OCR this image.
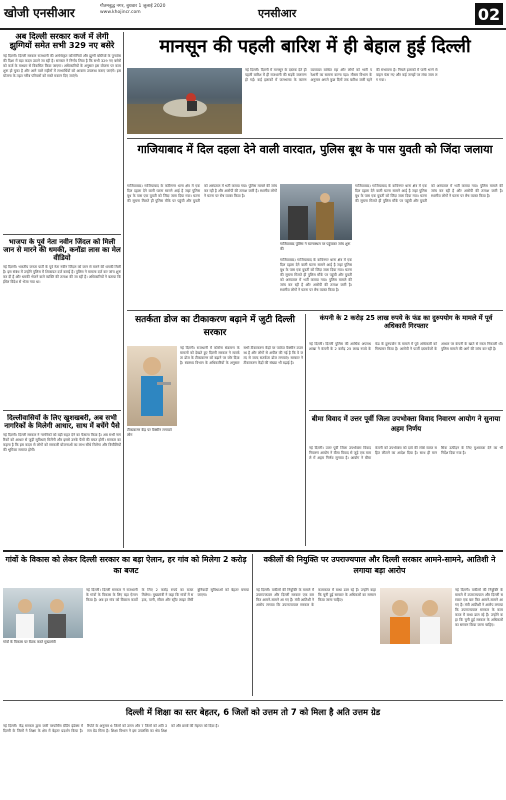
खोजी एनसीआर	गौतमबुद्ध नगर, बुधवार 1 जुलाई 2020
www.khojincr.com	एनसीआर	02
अब दिल्ली सरकार कर्ज में लेगी झुग्गियों समेत सभी 329 नए बसेरे
नई दिल्ली। दिल्ली सरकार राजधानी की अनधिकृत कॉलोनियों और झुग्गी बस्तियों के पुनर्वास की दिशा में बड़ा कदम उठाने जा रही है। सरकार ने निर्णय लिया है कि सभी 329 नए बसेरों को कर्ज के माध्यम से विकसित किया जाएगा। अधिकारियों के अनुसार इस योजना पर काम शुरू हो चुका है और आने वाले महीनों में लाभार्थियों को आवास उपलब्ध कराए जाएंगे। इस योजना के तहत गरीब परिवारों को सस्ते मकान दिए जाएंगे।
भाजपा के पूर्व नेता नवीन जिंदल को मिली जान से मारने की धमकी, कनॉडा लास का मेल वीडियो
नई दिल्ली। भारतीय जनता पार्टी के पूर्व नेता नवीन जिंदल को जान से मारने की धमकी मिली है। इस संबंध में उन्होंने पुलिस में शिकायत दर्ज कराई है। पुलिस ने मामला दर्ज कर जांच शुरू कर दी है और धमकी भेजने वाले व्यक्ति की तलाश की जा रही है। अधिकारियों ने बताया कि ईमेल विदेश से भेजा गया था।
दिल्लीवासियों के लिए खुशखबरी, अब सभी नागरिकों के मिलेगी आधार, साथ में बचेंगे पैसे
नई दिल्ली। दिल्ली सरकार ने नागरिकों को बड़ी राहत देने का फैसला किया है। अब सभी नागरिकों को आधार से जुड़ी सुविधाएं मिलेंगी और इससे उनके पैसों की बचत होगी। सरकार का कहना है कि इस कदम से लोगों को सरकारी योजनाओं का लाभ सीधे मिलेगा और बिचौलियों की भूमिका समाप्त होगी।
मानसून की पहली बारिश में ही बेहाल हुई दिल्ली
नई दिल्ली। दिल्ली में मानसून के दस्तक देते ही पहली बारिश में ही राजधानी की सड़कें जलमग्न हो गईं। कई इलाकों में जलभराव के कारण यातायात बाधित रहा और लोगों को भारी परेशानी का सामना करना पड़ा। मौसम विभाग के अनुसार अगले कुछ दिनों तक बारिश जारी रहने की संभावना है। निचले इलाकों में पानी भरने से वाहन फंस गए और कई जगहों पर लंबा जाम लग गया।
गाजियाबाद में दिल दहला देने वाली वारदात, पुलिस बूथ के पास युवती को जिंदा जलाया
गाजियाबाद। गाजियाबाद के कविनगर थाना क्षेत्र में एक दिल दहला देने वाली घटना सामने आई है जहां पुलिस बूथ के पास एक युवती को जिंदा जला दिया गया। घटना की सूचना मिलते ही पुलिस मौके पर पहुंची और युवती को अस्पताल में भर्ती कराया गया। पुलिस मामले की जांच कर रही है और आरोपी की तलाश जारी है। स्थानीय लोगों ने घटना पर रोष व्यक्त किया है।
गाजियाबाद पुलिस ने घटनास्थल पर पहुंचकर जांच शुरू की
गाजियाबाद। गाजियाबाद के कविनगर थाना क्षेत्र में एक दिल दहला देने वाली घटना सामने आई है जहां पुलिस बूथ के पास एक युवती को जिंदा जला दिया गया। घटना की सूचना मिलते ही पुलिस मौके पर पहुंची और युवती को अस्पताल में भर्ती कराया गया। पुलिस मामले की जांच कर रही है और आरोपी की तलाश जारी है। स्थानीय लोगों ने घटना पर रोष व्यक्त किया है।
गाजियाबाद। गाजियाबाद के कविनगर थाना क्षेत्र में एक दिल दहला देने वाली घटना सामने आई है जहां पुलिस बूथ के पास एक युवती को जिंदा जला दिया गया। घटना की सूचना मिलते ही पुलिस मौके पर पहुंची और युवती को अस्पताल में भर्ती कराया गया। पुलिस मामले की जांच कर रही है और आरोपी की तलाश जारी है। स्थानीय लोगों ने घटना पर रोष व्यक्त किया है।
सतर्कता डोज का टीकाकरण बढ़ाने में जुटी दिल्ली सरकार
नई दिल्ली। राजधानी में कोरोना संक्रमण के मामलों को देखते हुए दिल्ली सरकार ने सतर्कता डोज के टीकाकरण को बढ़ाने पर जोर दिया है। स्वास्थ्य विभाग के अधिकारियों के अनुसार सभी टीकाकरण केंद्रों पर पर्याप्त वैक्सीन उपलब्ध है और लोगों से अपील की गई है कि वे जल्द से जल्द सतर्कता डोज लगवाएं। सरकार ने टीकाकरण केंद्रों की संख्या भी बढ़ाई है।
टीकाकरण केंद्र पर वैक्सीन लगवाते लोग
कंपनी के 2 करोड़ 25 लाख रुपये के फंड का दुरुपयोग के मामले में पूर्व अधिकारी गिरफ्तार
नई दिल्ली। दिल्ली पुलिस की आर्थिक अपराध शाखा ने कंपनी के 2 करोड़ 25 लाख रुपये के फंड के दुरुपयोग के मामले में पूर्व अधिकारी को गिरफ्तार किया है। आरोपी ने फर्जी दस्तावेजों के आधार पर कंपनी के खाते से रकम निकाली थी। पुलिस मामले की आगे की जांच कर रही है।
बीमा विवाद में उत्तर पूर्वी जिला उपभोक्ता विवाद निवारण आयोग ने सुनाया अहम निर्णय
नई दिल्ली। उत्तर पूर्वी जिला उपभोक्ता विवाद निवारण आयोग ने बीमा विवाद से जुड़े एक मामले में अहम निर्णय सुनाया है। आयोग ने बीमा कंपनी को उपभोक्ता को दावे की राशि ब्याज सहित लौटाने का आदेश दिया है। साथ ही मानसिक उत्पीड़न के लिए मुआवजा देने का भी निर्देश दिया गया है।
गांवों के विकास को लेकर दिल्ली सरकार का बड़ा ऐलान, हर गांव को मिलेगा 2 करोड़ का बजट
गांवों के विकास पर बैठक करते मुख्यमंत्री
नई दिल्ली। दिल्ली सरकार ने राजधानी के गांवों के विकास के लिए बड़ा ऐलान किया है। अब हर गांव को विकास कार्यों के लिए 2 करोड़ रुपये का बजट मिलेगा। मुख्यमंत्री ने कहा कि गांवों में सड़क, पानी, सीवर और स्ट्रीट लाइट जैसी बुनियादी सुविधाओं को बेहतर बनाया जाएगा।
वकीलों की नियुक्ति पर उपराज्यपाल और दिल्ली सरकार आमने-सामने, आतिशी ने लगाया बड़ा आरोप
नई दिल्ली। वकीलों की नियुक्ति के मामले में उपराज्यपाल और दिल्ली सरकार एक बार फिर आमने-सामने आ गए हैं। मंत्री आतिशी ने आरोप लगाया कि उपराज्यपाल सरकार के कामकाज में बाधा डाल रहे हैं। उन्होंने कहा कि चुनी हुई सरकार के अधिकारों का सम्मान किया जाना चाहिए।
नई दिल्ली। वकीलों की नियुक्ति के मामले में उपराज्यपाल और दिल्ली सरकार एक बार फिर आमने-सामने आ गए हैं। मंत्री आतिशी ने आरोप लगाया कि उपराज्यपाल सरकार के कामकाज में बाधा डाल रहे हैं। उन्होंने कहा कि चुनी हुई सरकार के अधिकारों का सम्मान किया जाना चाहिए।
दिल्ली में शिक्षा का स्तर बेहतर, 6 जिलों को उत्तम तो 7 को मिला है अति उत्तम ग्रेड
नई दिल्ली। केंद्र सरकार द्वारा जारी परफॉर्मेंस ग्रेडिंग इंडेक्स में दिल्ली के जिलों ने शिक्षा के क्षेत्र में बेहतर प्रदर्शन किया है। रिपोर्ट के अनुसार 6 जिलों को उत्तम और 7 जिलों को अति उत्तम ग्रेड मिला है। शिक्षा विभाग ने इस उपलब्धि का श्रेय शिक्षकों और छात्रों की मेहनत को दिया है।
